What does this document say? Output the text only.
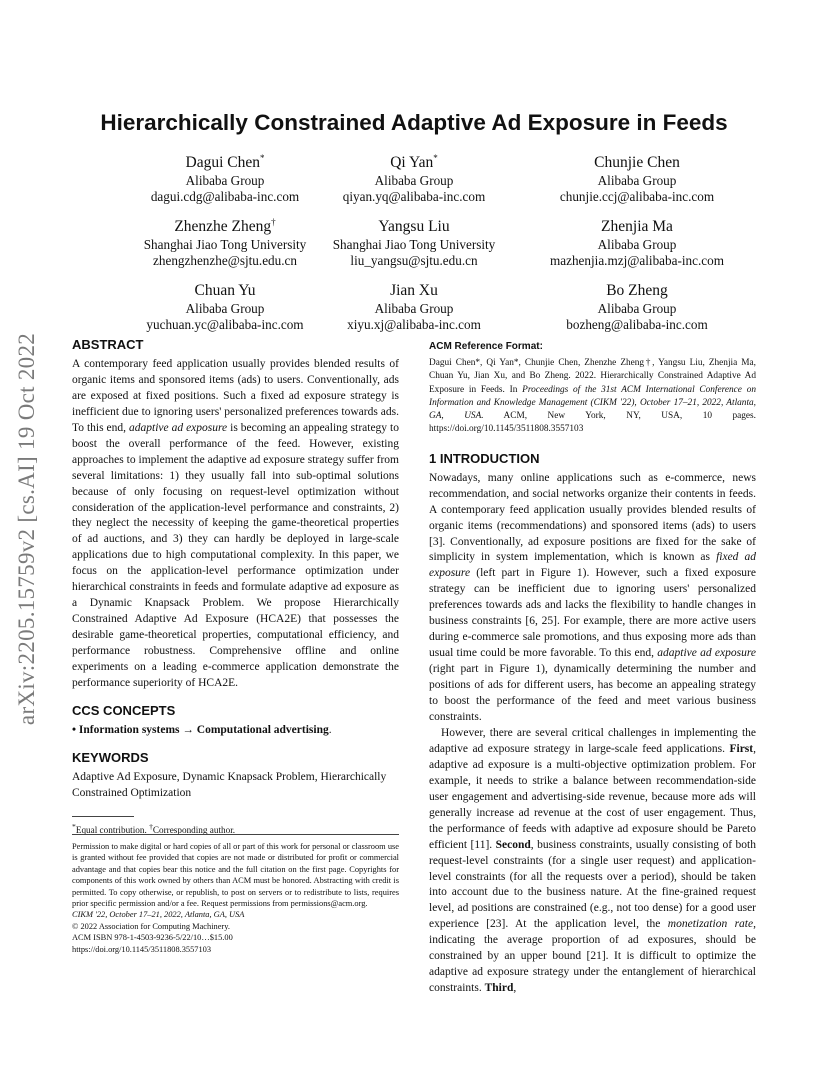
arXiv:2205.15759v2 [cs.AI] 19 Oct 2022
Hierarchically Constrained Adaptive Ad Exposure in Feeds
Dagui Chen*
Alibaba Group
dagui.cdg@alibaba-inc.com
Qi Yan*
Alibaba Group
qiyan.yq@alibaba-inc.com
Chunjie Chen
Alibaba Group
chunjie.ccj@alibaba-inc.com
Zhenzhe Zheng†
Shanghai Jiao Tong University
zhengzhenzhe@sjtu.edu.cn
Yangsu Liu
Shanghai Jiao Tong University
liu_yangsu@sjtu.edu.cn
Zhenjia Ma
Alibaba Group
mazhenjia.mzj@alibaba-inc.com
Chuan Yu
Alibaba Group
yuchuan.yc@alibaba-inc.com
Jian Xu
Alibaba Group
xiyu.xj@alibaba-inc.com
Bo Zheng
Alibaba Group
bozheng@alibaba-inc.com
ABSTRACT

A contemporary feed application usually provides blended results of organic items and sponsored items (ads) to users. Conventionally, ads are exposed at fixed positions. Such a fixed ad exposure strategy is inefficient due to ignoring users' personalized preferences towards ads. To this end, adaptive ad exposure is becoming an appealing strategy to boost the overall performance of the feed. However, existing approaches to implement the adaptive ad exposure strategy suffer from several limitations: 1) they usually fall into sub-optimal solutions because of only focusing on request-level optimization without consideration of the application-level performance and constraints, 2) they neglect the necessity of keeping the game-theoretical properties of ad auctions, and 3) they can hardly be deployed in large-scale applications due to high computational complexity. In this paper, we focus on the application-level performance optimization under hierarchical constraints in feeds and formulate adaptive ad exposure as a Dynamic Knapsack Problem. We propose Hierarchically Constrained Adaptive Ad Exposure (HCA2E) that possesses the desirable game-theoretical properties, computational efficiency, and performance robustness. Comprehensive offline and online experiments on a leading e-commerce application demonstrate the performance superiority of HCA2E.

CCS CONCEPTS

• Information systems → Computational advertising.

KEYWORDS

Adaptive Ad Exposure, Dynamic Knapsack Problem, Hierarchically Constrained Optimization

*Equal contribution. †Corresponding author.

Permission to make digital or hard copies of all or part of this work for personal or classroom use is granted without fee provided that copies are not made or distributed for profit or commercial advantage and that copies bear this notice and the full citation on the first page. Copyrights for components of this work owned by others than ACM must be honored. Abstracting with credit is permitted. To copy otherwise, or republish, to post on servers or to redistribute to lists, requires prior specific permission and/or a fee. Request permissions from permissions@acm.org.
CIKM '22, October 17–21, 2022, Atlanta, GA, USA
© 2022 Association for Computing Machinery.
ACM ISBN 978-1-4503-9236-5/22/10…$15.00
https://doi.org/10.1145/3511808.3557103
ACM Reference Format:

Dagui Chen*, Qi Yan*, Chunjie Chen, Zhenzhe Zheng†, Yangsu Liu, Zhenjia Ma, Chuan Yu, Jian Xu, and Bo Zheng. 2022. Hierarchically Constrained Adaptive Ad Exposure in Feeds. In Proceedings of the 31st ACM International Conference on Information and Knowledge Management (CIKM '22), October 17–21, 2022, Atlanta, GA, USA. ACM, New York, NY, USA, 10 pages. https://doi.org/10.1145/3511808.3557103

1 INTRODUCTION

Nowadays, many online applications such as e-commerce, news recommendation, and social networks organize their contents in feeds. A contemporary feed application usually provides blended results of organic items (recommendations) and sponsored items (ads) to users [3]. Conventionally, ad exposure positions are fixed for the sake of simplicity in system implementation, which is known as fixed ad exposure (left part in Figure 1). However, such a fixed exposure strategy can be inefficient due to ignoring users' personalized preferences towards ads and lacks the flexibility to handle changes in business constraints [6, 25]. For example, there are more active users during e-commerce sale promotions, and thus exposing more ads than usual time could be more favorable. To this end, adaptive ad exposure (right part in Figure 1), dynamically determining the number and positions of ads for different users, has become an appealing strategy to boost the performance of the feed and meet various business constraints.

However, there are several critical challenges in implementing the adaptive ad exposure strategy in large-scale feed applications. First, adaptive ad exposure is a multi-objective optimization problem. For example, it needs to strike a balance between recommendation-side user engagement and advertising-side revenue, because more ads will generally increase ad revenue at the cost of user engagement. Thus, the performance of feeds with adaptive ad exposure should be Pareto efficient [11]. Second, business constraints, usually consisting of both request-level constraints (for a single user request) and application-level constraints (for all the requests over a period), should be taken into account due to the business nature. At the fine-grained request level, ad positions are constrained (e.g., not too dense) for a good user experience [23]. At the application level, the monetization rate, indicating the average proportion of ad exposures, should be constrained by an upper bound [21]. It is difficult to optimize the adaptive ad exposure strategy under the entanglement of hierarchical constraints. Third,
